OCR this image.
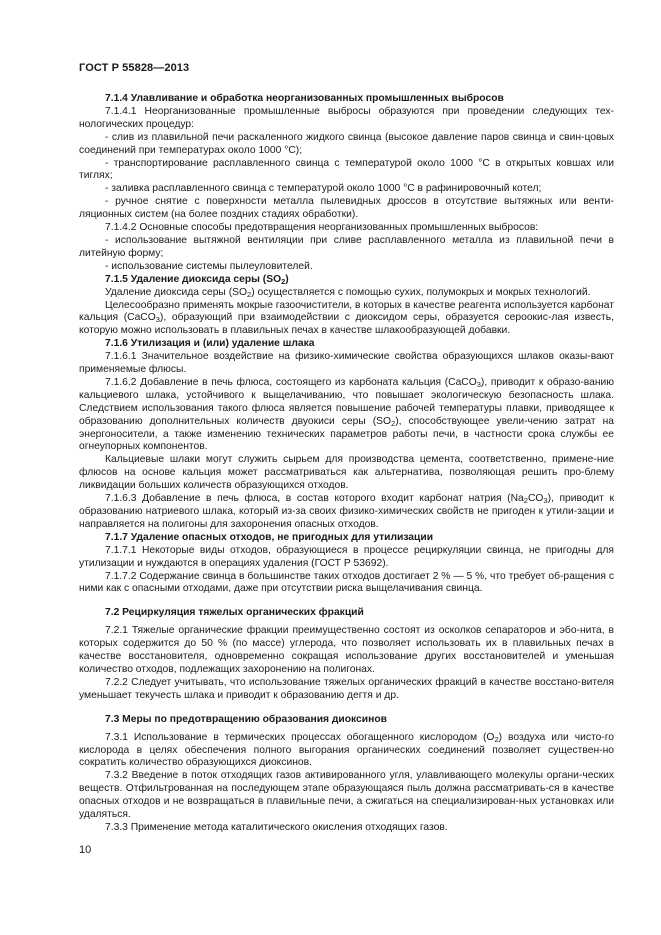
ГОСТ Р 55828—2013

7.1.4 Улавливание и обработка неорганизованных промышленных выбросов

7.1.4.1 Неорганизованные промышленные выбросы образуются при проведении следующих тех-нологических процедур:

- слив из плавильной печи раскаленного жидкого свинца (высокое давление паров свинца и свин-цовых соединений при температурах около 1000 °С);

- транспортирование расплавленного свинца с температурой около 1000 °С в открытых ковшах или тиглях;

- заливка расплавленного свинца с температурой около 1000 °С в рафинировочный котел;

- ручное снятие с поверхности металла пылевидных дроссов в отсутствие вытяжных или венти-ляционных систем (на более поздних стадиях обработки).

7.1.4.2 Основные способы предотвращения неорганизованных промышленных выбросов:

- использование вытяжной вентиляции при сливе расплавленного металла из плавильной печи в литейную форму;

- использование системы пылеуловителей.

7.1.5 Удаление диоксида серы $(SO_2)$

Удаление диоксида серы $(SO_2)$ осуществляется с помощью сухих, полумокрых и мокрых технологий.

Целесообразно применять мокрые газоочистители, в которых в качестве реагента используется карбонат кальция (CaCO$_3$), образующий при взаимодействии с диоксидом серы, образуется сероокис-лая известь, которую можно использовать в плавильных печах в качестве шлакообразующей добавки.

7.1.6 Утилизация и (или) удаление шлака

7.1.6.1 Значительное воздействие на физико-химические свойства образующихся шлаков оказы-вают применяемые флюсы.

7.1.6.2 Добавление в печь флюса, состоящего из карбоната кальция (CaCO$_3$), приводит к образо-ванию кальциевого шлака, устойчивого к выщелачиванию, что повышает экологическую безопасность шлака. Следствием использования такого флюса является повышение рабочей температуры плавки, приводящее к образованию дополнительных количеств двуокиси серы $(SO_2)$, способствующее увели-чению затрат на энергоносители, а также изменению технических параметров работы печи, в частности срока службы ее огнеупорных компонентов.

Кальциевые шлаки могут служить сырьем для производства цемента, соответственно, примене-ние флюсов на основе кальция может рассматриваться как альтернатива, позволяющая решить про-блему ликвидации больших количеств образующихся отходов.

7.1.6.3 Добавление в печь флюса, в состав которого входит карбонат натрия $(Na_2CO_3)$, приводит к образованию натриевого шлака, который из-за своих физико-химических свойств не пригоден к утили-зации и направляется на полигоны для захоронения опасных отходов.

7.1.7 Удаление опасных отходов, не пригодных для утилизации

7.1.7.1 Некоторые виды отходов, образующиеся в процессе рециркуляции свинца, не пригодны для утилизации и нуждаются в операциях удаления (ГОСТ Р 53692).

7.1.7.2 Содержание свинца в большинстве таких отходов достигает 2 % — 5 %, что требует об-ращения с ними как с опасными отходами, даже при отсутствии риска выщелачивания свинца.

7.2 Рециркуляция тяжелых органических фракций

7.2.1 Тяжелые органические фракции преимущественно состоят из осколков сепараторов и эбо-нита, в которых содержится до 50 % (по массе) углерода, что позволяет использовать их в плавильных печах в качестве восстановителя, одновременно сокращая использование других восстановителей и уменьшая количество отходов, подлежащих захоронению на полигонах.

7.2.2 Следует учитывать, что использование тяжелых органических фракций в качестве восстано-вителя уменьшает текучесть шлака и приводит к образованию дегтя и др.

7.3 Меры по предотвращению образования диоксинов

7.3.1 Использование в термических процессах обогащенного кислородом $(O_2)$ воздуха или чисто-го кислорода в целях обеспечения полного выгорания органических соединений позволяет существен-но сократить количество образующихся диоксинов.

7.3.2 Введение в поток отходящих газов активированного угля, улавливающего молекулы органи-ческих веществ. Отфильтрованная на последующем этапе образующаяся пыль должна рассматривать-ся в качестве опасных отходов и не возвращаться в плавильные печи, а сжигаться на специализирован-ных установках или удаляться.

7.3.3 Применение метода каталитического окисления отходящих газов.

10
